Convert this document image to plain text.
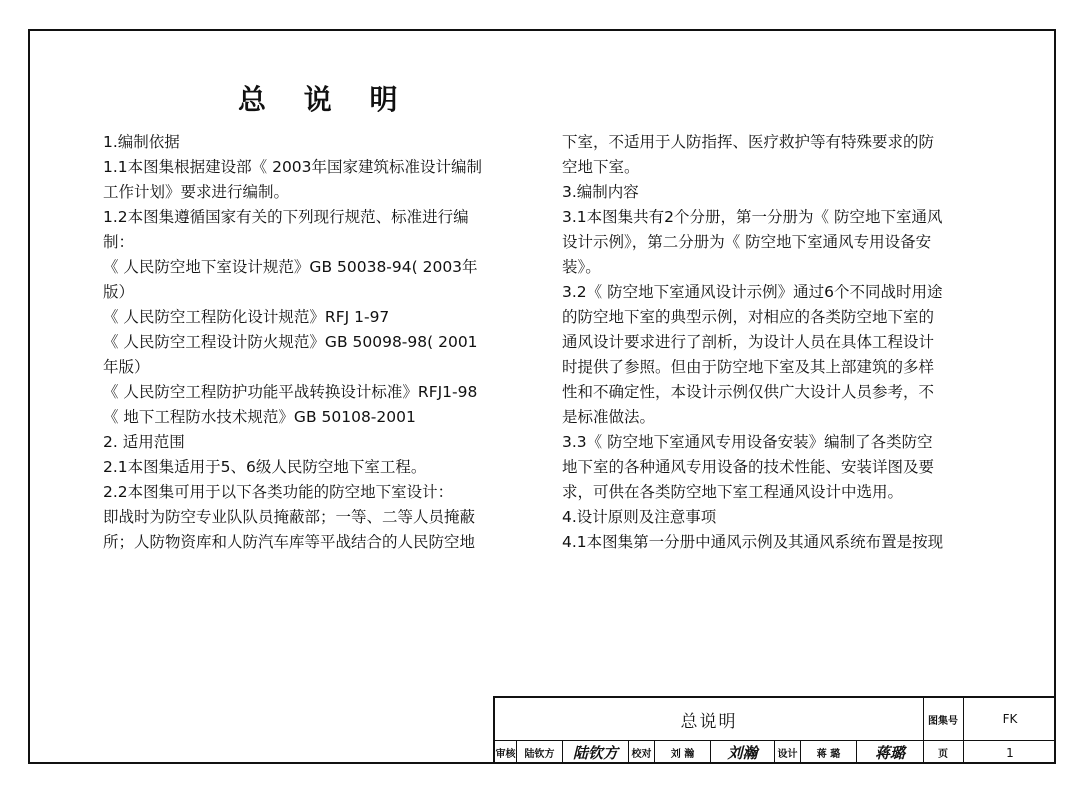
总 说 明
1.编制依据
1.1本图集根据建设部《 2003年国家建筑标准设计编制
工作计划》要求进行编制。
1.2本图集遵循国家有关的下列现行规范、标准进行编
制：
《 人民防空地下室设计规范》GB 50038-94( 2003年
版）
《 人民防空工程防化设计规范》RFJ 1-97
《 人民防空工程设计防火规范》GB 50098-98( 2001
年版）
《 人民防空工程防护功能平战转换设计标准》RFJ1-98
《 地下工程防水技术规范》GB 50108-2001
2. 适用范围
2.1本图集适用于5、6级人民防空地下室工程。
2.2本图集可用于以下各类功能的防空地下室设计：
即战时为防空专业队队员掩蔽部；一等、二等人员掩蔽
所；人防物资库和人防汽车库等平战结合的人民防空地
下室，不适用于人防指挥、医疗救护等有特殊要求的防
空地下室。
3.编制内容
3.1本图集共有2个分册，第一分册为《 防空地下室通风
设计示例》，第二分册为《 防空地下室通风专用设备安
装》。
3.2《 防空地下室通风设计示例》通过6个不同战时用途
的防空地下室的典型示例，对相应的各类防空地下室的
通风设计要求进行了剖析，为设计人员在具体工程设计
时提供了参照。但由于防空地下室及其上部建筑的多样
性和不确定性，本设计示例仅供广大设计人员参考，不
是标准做法。
3.3《 防空地下室通风专用设备安装》编制了各类防空
地下室的各种通风专用设备的技术性能、安装详图及要
求，可供在各类防空地下室工程通风设计中选用。
4.设计原则及注意事项
4.1本图集第一分册中通风示例及其通风系统布置是按现
总说明	图集号	FK
审核 陆钦方	陆钦方	校对	刘 瀚	刘瀚	设计	蒋 璐	蒋璐	页	1
